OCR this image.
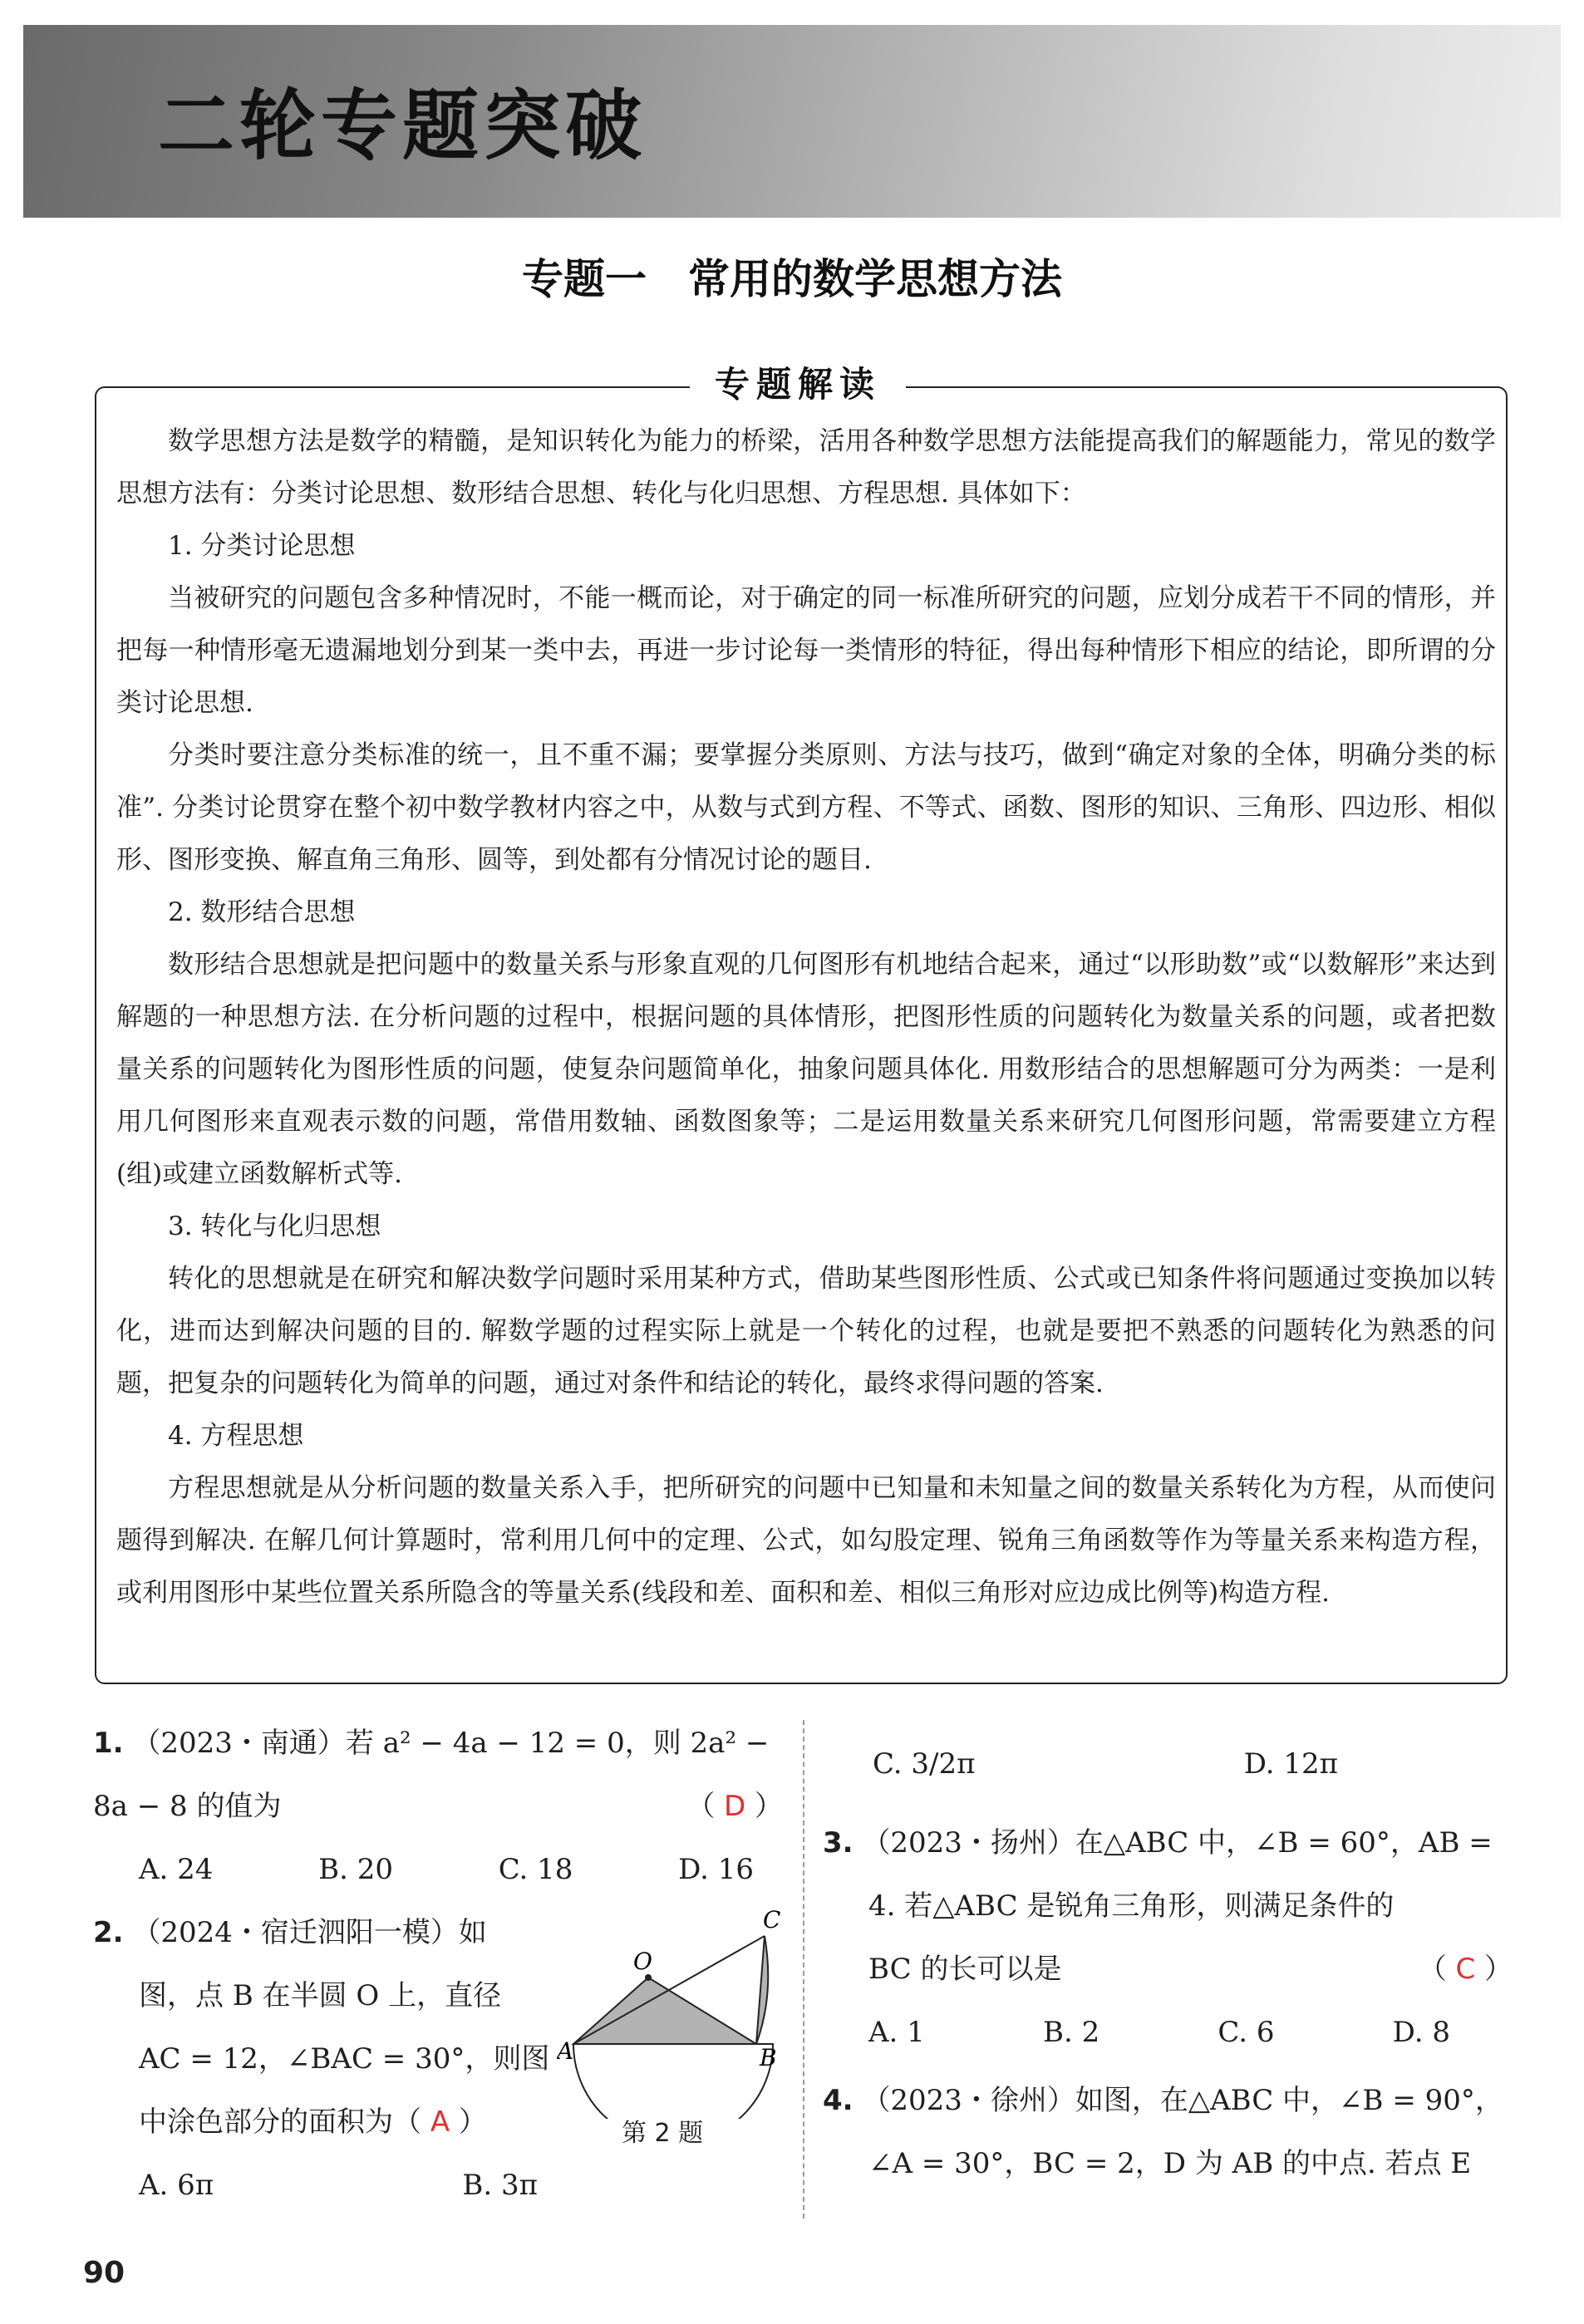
二轮专题突破
专题一　常用的数学思想方法
专题解读

数学思想方法是数学的精髓，是知识转化为能力的桥梁，活用各种数学思想方法能提高我们的解题能力，常见的数学思想方法有：分类讨论思想、数形结合思想、转化与化归思想、方程思想. 具体如下：

1. 分类讨论思想

当被研究的问题包含多种情况时，不能一概而论，对于确定的同一标准所研究的问题，应划分成若干不同的情形，并把每一种情形毫无遗漏地划分到某一类中去，再进一步讨论每一类情形的特征，得出每种情形下相应的结论，即所谓的分类讨论思想.

分类时要注意分类标准的统一，且不重不漏；要掌握分类原则、方法与技巧，做到“确定对象的全体，明确分类的标准”. 分类讨论贯穿在整个初中数学教材内容之中，从数与式到方程、不等式、函数、图形的知识、三角形、四边形、相似形、图形变换、解直角三角形、圆等，到处都有分情况讨论的题目.

2. 数形结合思想

数形结合思想就是把问题中的数量关系与形象直观的几何图形有机地结合起来，通过“以形助数”或“以数解形”来达到解题的一种思想方法. 在分析问题的过程中，根据问题的具体情形，把图形性质的问题转化为数量关系的问题，或者把数量关系的问题转化为图形性质的问题，使复杂问题简单化，抽象问题具体化. 用数形结合的思想解题可分为两类：一是利用几何图形来直观表示数的问题，常借用数轴、函数图象等；二是运用数量关系来研究几何图形问题，常需要建立方程(组)或建立函数解析式等.

3. 转化与化归思想

转化的思想就是在研究和解决数学问题时采用某种方式，借助某些图形性质、公式或已知条件将问题通过变换加以转化，进而达到解决问题的目的. 解数学题的过程实际上就是一个转化的过程，也就是要把不熟悉的问题转化为熟悉的问题，把复杂的问题转化为简单的问题，通过对条件和结论的转化，最终求得问题的答案.

4. 方程思想

方程思想就是从分析问题的数量关系入手，把所研究的问题中已知量和未知量之间的数量关系转化为方程，从而使问题得到解决. 在解几何计算题时，常利用几何中的定理、公式，如勾股定理、锐角三角函数等作为等量关系来构造方程，或利用图形中某些位置关系所隐含的等量关系(线段和差、面积和差、相似三角形对应边成比例等)构造方程.

1. （2023・南通）若 a² − 4a − 12 = 0，则 2a² −
8a − 8 的值为	（ D ）
A. 24	B. 20	C. 18	D. 16
2. （2024・宿迁泗阳一模）如
图，点 B 在半圆 O 上，直径
AC = 12，∠BAC = 30°，则图
中涂色部分的面积为（ A ）
A. 6π	B. 3π
A	B
C
O
第 2 题
C. 3/2π	D. 12π
3. （2023・扬州）在△ABC 中，∠B = 60°，AB =
4. 若△ABC 是锐角三角形，则满足条件的
BC 的长可以是	（ C ）
A. 1	B. 2	C. 6	D. 8
4. （2023・徐州）如图，在△ABC 中，∠B = 90°，
∠A = 30°，BC = 2，D 为 AB 的中点. 若点 E
90
